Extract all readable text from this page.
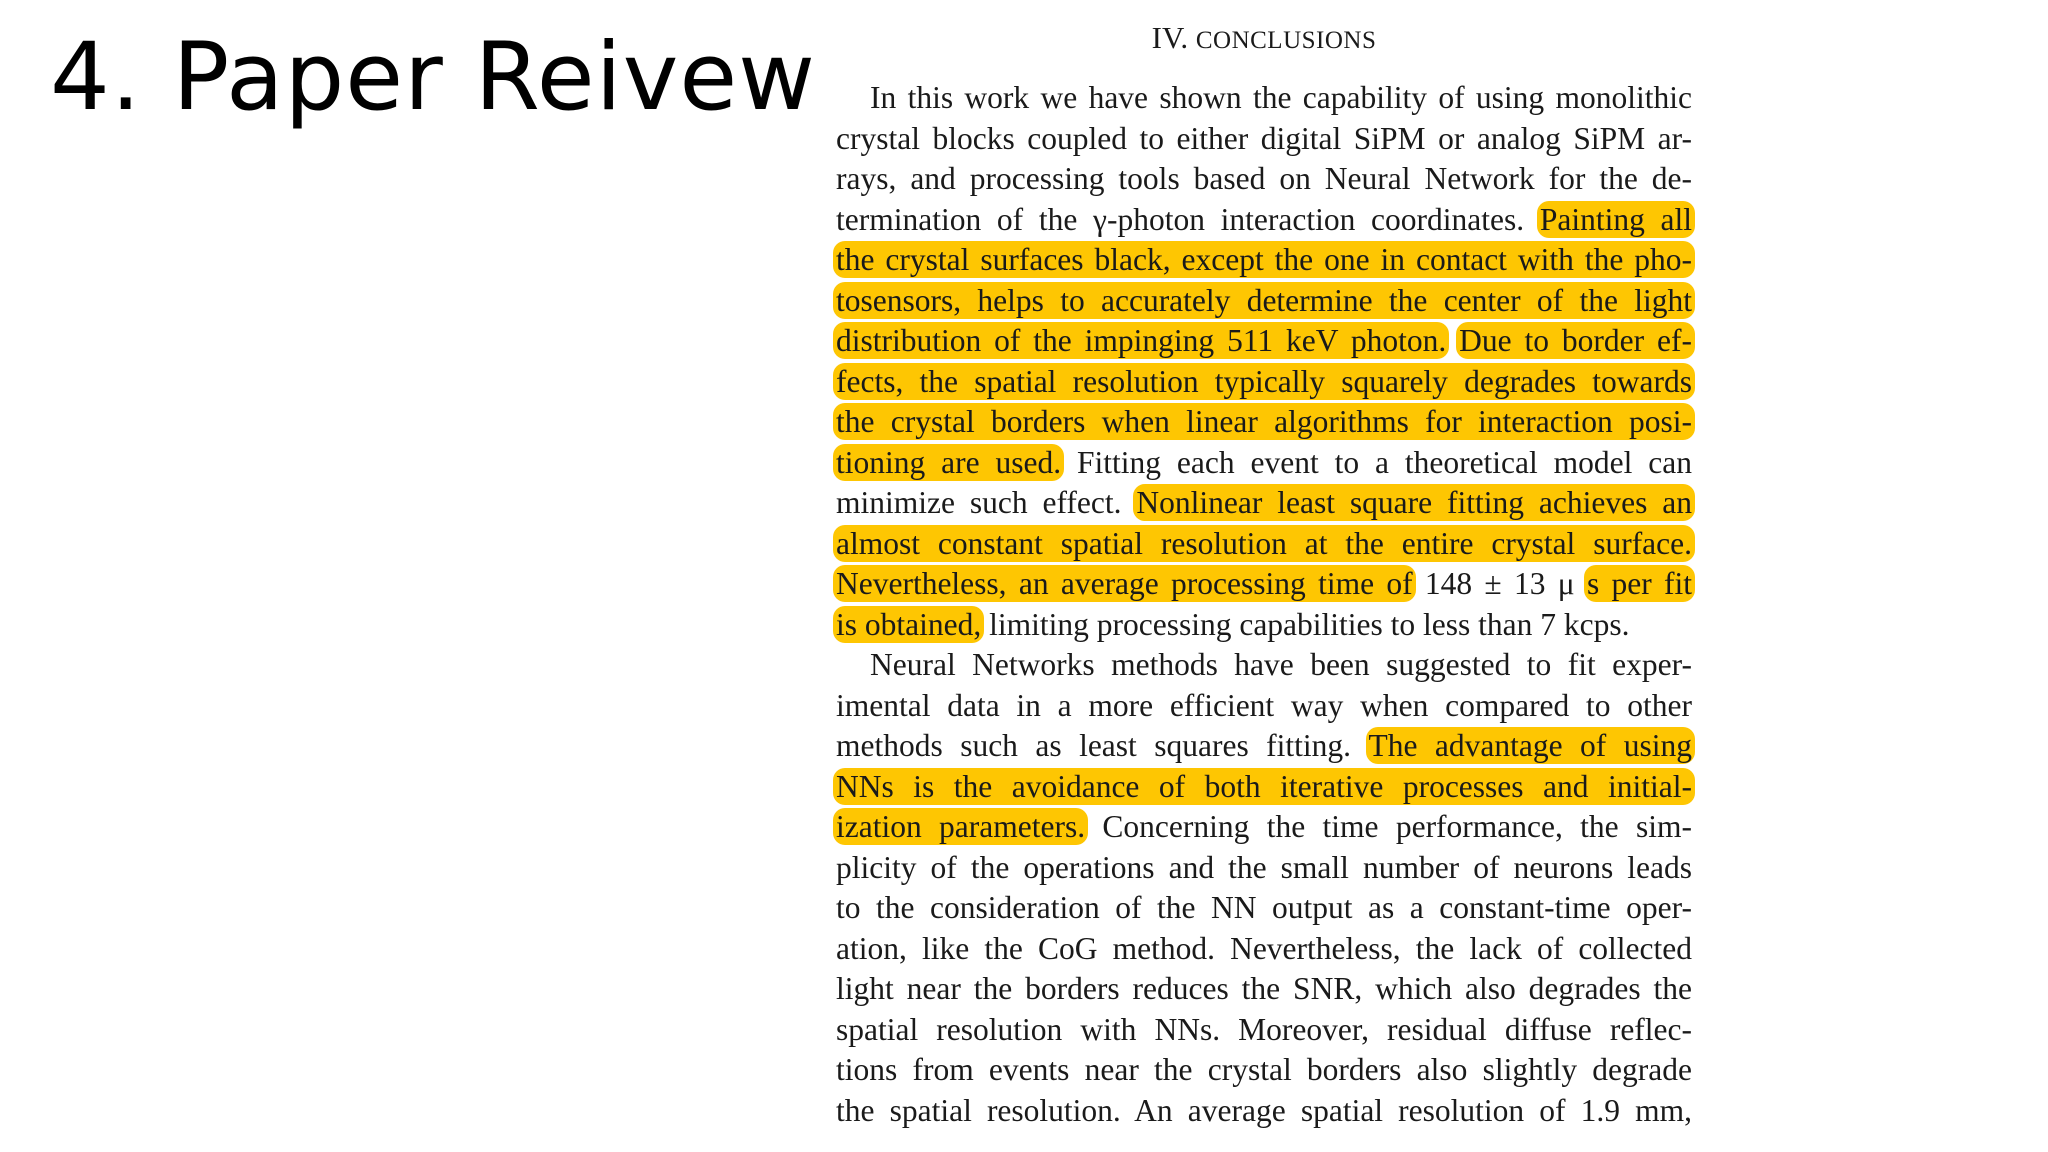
4. Paper Reivew	IV. CONCLUSIONS
In this work we have shown the capability of using monolithic
crystal blocks coupled to either digital SiPM or analog SiPM ar-
rays, and processing tools based on Neural Network for the de-
termination of the γ-photon interaction coordinates. Painting all
the crystal surfaces black, except the one in contact with the pho-
tosensors, helps to accurately determine the center of the light
distribution of the impinging 511 keV photon. Due to border ef-
fects, the spatial resolution typically squarely degrades towards
the crystal borders when linear algorithms for interaction posi-
tioning are used. Fitting each event to a theoretical model can
minimize such effect. Nonlinear least square fitting achieves an
almost constant spatial resolution at the entire crystal surface.
Nevertheless, an average processing time of 148 ± 13 μ s per fit
is obtained, limiting processing capabilities to less than 7 kcps.
Neural Networks methods have been suggested to fit exper-
imental data in a more efficient way when compared to other
methods such as least squares fitting. The advantage of using
NNs is the avoidance of both iterative processes and initial-
ization parameters. Concerning the time performance, the sim-
plicity of the operations and the small number of neurons leads
to the consideration of the NN output as a constant-time oper-
ation, like the CoG method. Nevertheless, the lack of collected
light near the borders reduces the SNR, which also degrades the
spatial resolution with NNs. Moreover, residual diffuse reflec-
tions from events near the crystal borders also slightly degrade
the spatial resolution. An average spatial resolution of 1.9 mm,
